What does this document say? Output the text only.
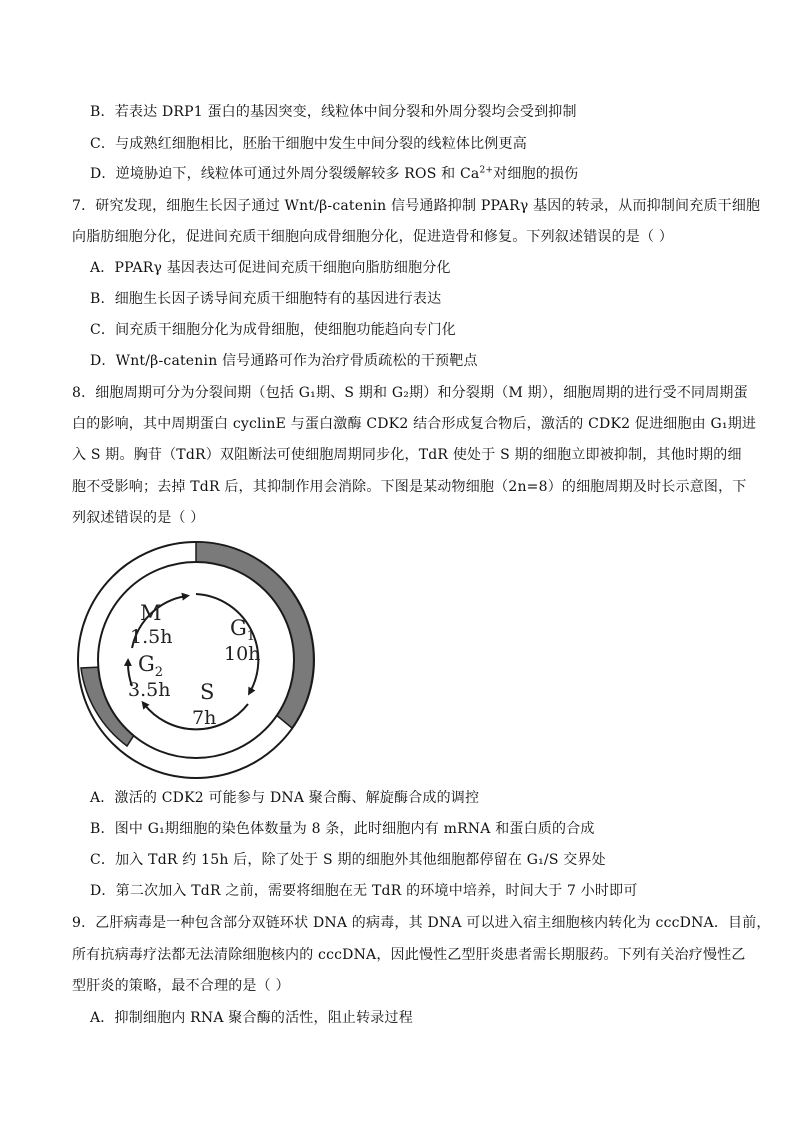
B．若表达 DRP1 蛋白的基因突变，线粒体中间分裂和外周分裂均会受到抑制
C．与成熟红细胞相比，胚胎干细胞中发生中间分裂的线粒体比例更高
D．逆境胁迫下，线粒体可通过外周分裂缓解较多 ROS 和 $Ca^{2+}$对细胞的损伤
7．研究发现，细胞生长因子通过 Wnt/β-catenin 信号通路抑制 PPARγ 基因的转录，从而抑制间充质干细胞
向脂肪细胞分化，促进间充质干细胞向成骨细胞分化，促进造骨和修复。下列叙述错误的是（ ）
A．PPARγ 基因表达可促进间充质干细胞向脂肪细胞分化
B．细胞生长因子诱导间充质干细胞特有的基因进行表达
C．间充质干细胞分化为成骨细胞，使细胞功能趋向专门化
D．Wnt/β-catenin 信号通路可作为治疗骨质疏松的干预靶点
8．细胞周期可分为分裂间期（包括 G₁期、S 期和 G₂期）和分裂期（M 期），细胞周期的进行受不同周期蛋
白的影响，其中周期蛋白 cyclinE 与蛋白激酶 CDK2 结合形成复合物后，激活的 CDK2 促进细胞由 G₁期进
入 S 期。胸苷（TdR）双阻断法可使细胞周期同步化，TdR 使处于 S 期的细胞立即被抑制，其他时期的细
胞不受影响；去掉 TdR 后，其抑制作用会消除。下图是某动物细胞（2n=8）的细胞周期及时长示意图，下
列叙述错误的是（ ）
M
1.5h
$G_2$
3.5h
$G_1$
10h
S
7h
A．激活的 CDK2 可能参与 DNA 聚合酶、解旋酶合成的调控
B．图中 G₁期细胞的染色体数量为 8 条，此时细胞内有 mRNA 和蛋白质的合成
C．加入 TdR 约 15h 后，除了处于 S 期的细胞外其他细胞都停留在 G₁/S 交界处
D．第二次加入 TdR 之前，需要将细胞在无 TdR 的环境中培养，时间大于 7 小时即可
9．乙肝病毒是一种包含部分双链环状 DNA 的病毒，其 DNA 可以进入宿主细胞核内转化为 cccDNA．目前，
所有抗病毒疗法都无法清除细胞核内的 cccDNA，因此慢性乙型肝炎患者需长期服药。下列有关治疗慢性乙
型肝炎的策略，最不合理的是（ ）
A．抑制细胞内 RNA 聚合酶的活性，阻止转录过程
